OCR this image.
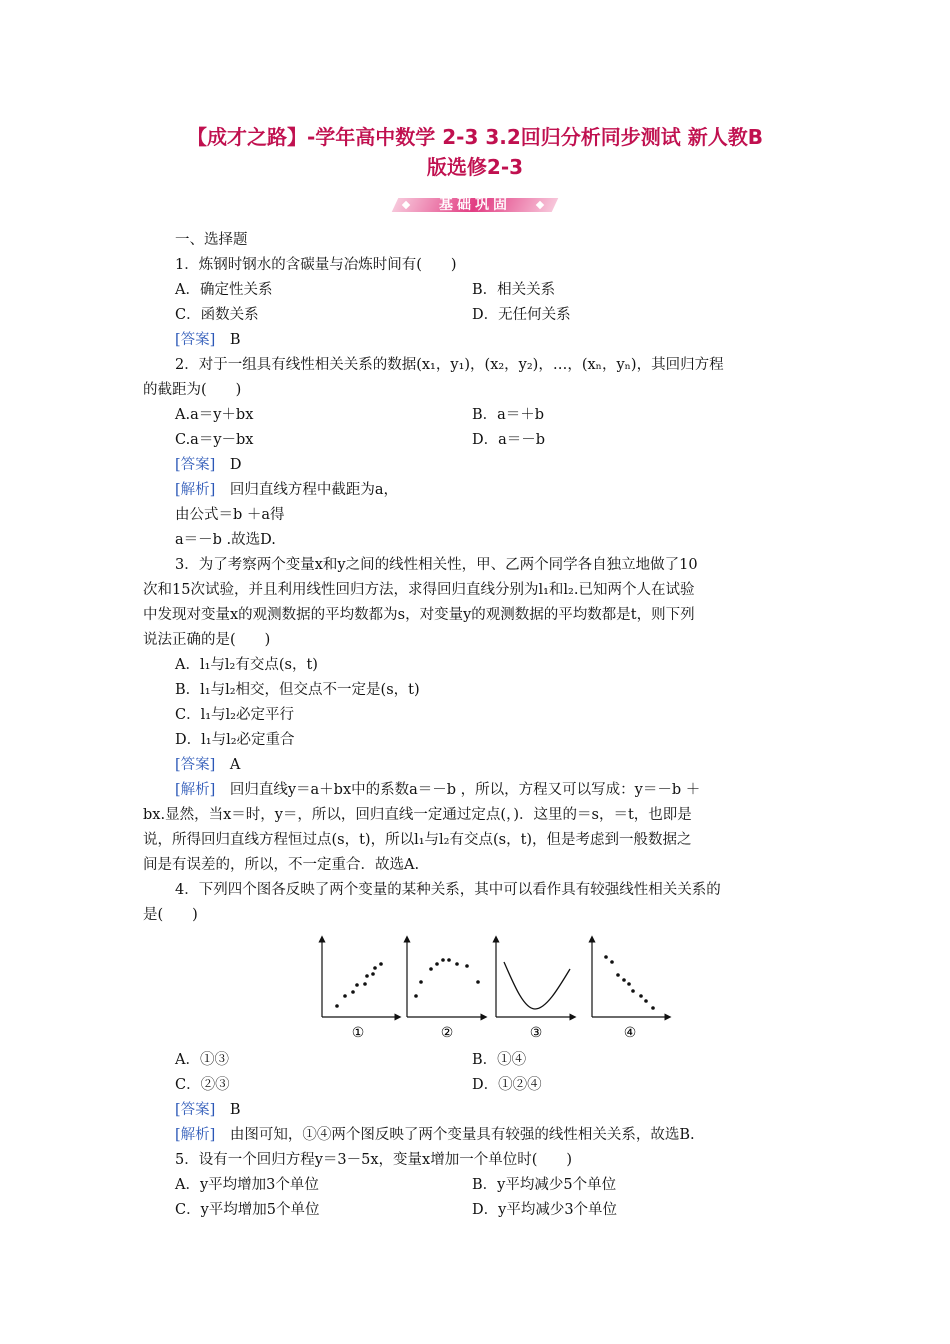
【成才之路】-学年高中数学 2-3 3.2回归分析同步测试 新人教B
版选修2-3
基础巩固
一、选择题
1．炼钢时钢水的含碳量与冶炼时间有(　　)
A．确定性关系	B．相关关系
C．函数关系	D．无任何关系
[答案]　 B
2．对于一组具有线性相关关系的数据(x₁，y₁)，(x₂，y₂)，…，(xₙ，yₙ)，其回归方程
的截距为(　　)
A.a＝y＋bx	B．a＝＋b
C.a＝y－bx	D．a＝－b
[答案]　 D
[解析]　 回归直线方程中截距为a，
由公式＝b ＋a得
a＝－b .故选D.
3．为了考察两个变量x和y之间的线性相关性，甲、乙两个同学各自独立地做了10
次和15次试验，并且利用线性回归方法，求得回归直线分别为l₁和l₂.已知两个人在试验
中发现对变量x的观测数据的平均数都为s，对变量y的观测数据的平均数都是t，则下列
说法正确的是(　　)
A．l₁与l₂有交点(s，t)
B．l₁与l₂相交，但交点不一定是(s，t)
C．l₁与l₂必定平行
D．l₁与l₂必定重合
[答案]　 A
[解析]　 回归直线y＝a＋bx中的系数a＝－b ，所以，方程又可以写成：y＝－b ＋
bx.显然，当x＝时，y＝，所以，回归直线一定通过定点(，)．这里的＝s，＝t，也即是
说，所得回归直线方程恒过点(s，t)，所以l₁与l₂有交点(s，t)，但是考虑到一般数据之
间是有误差的，所以，不一定重合．故选A.
4．下列四个图各反映了两个变量的某种关系，其中可以看作具有较强线性相关关系的
是(　　)
①	②	③	④
A．①③	B．①④
C．②③	D．①②④
[答案]　 B
[解析]　 由图可知，①④两个图反映了两个变量具有较强的线性相关关系，故选B.
5．设有一个回归方程y＝3－5x，变量x增加一个单位时(　　)
A．y平均增加3个单位	B．y平均减少5个单位
C．y平均增加5个单位	D．y平均减少3个单位
